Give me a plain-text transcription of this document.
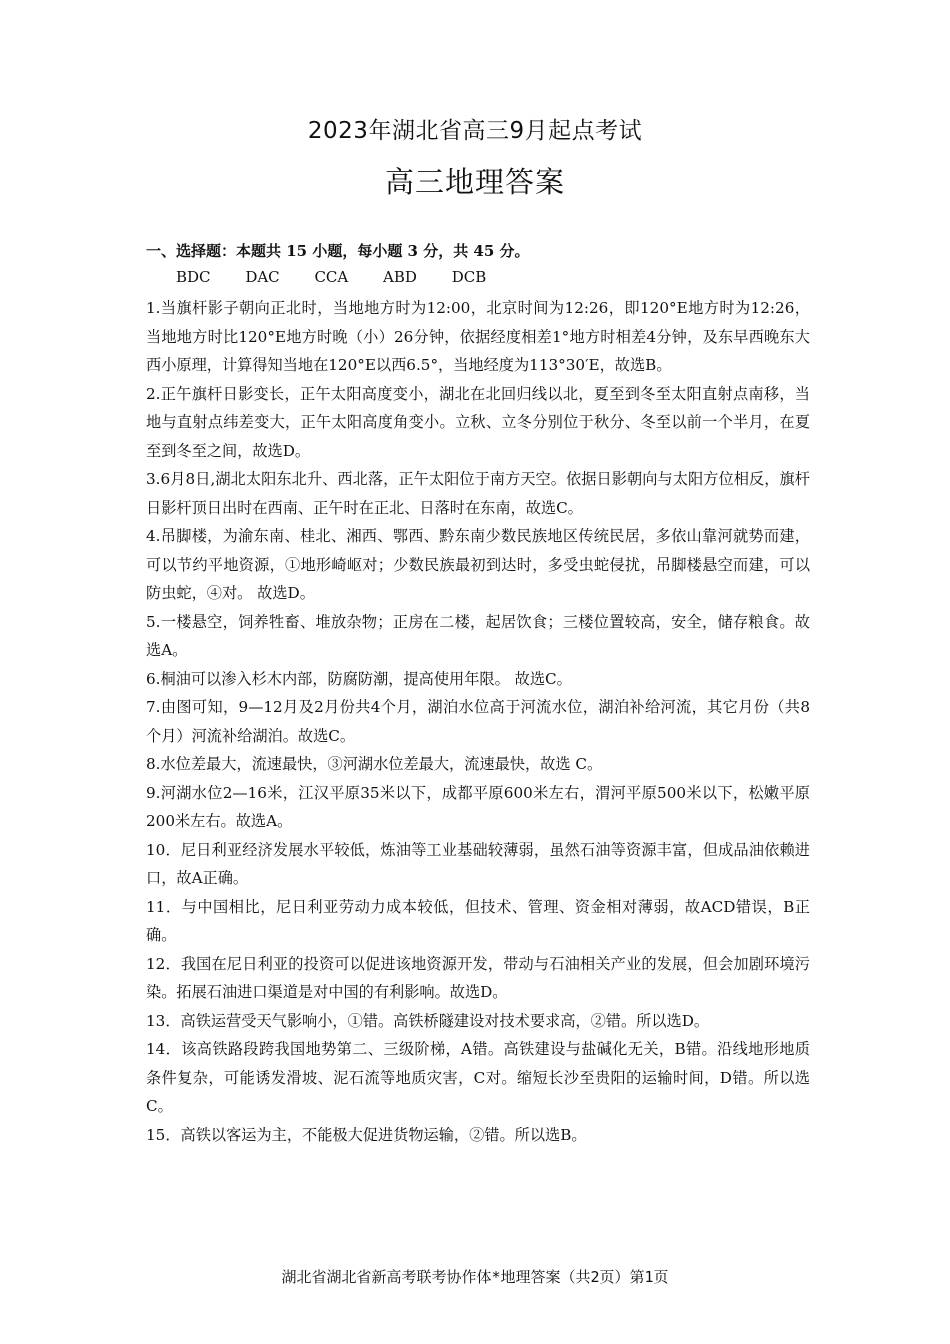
2023年湖北省高三9月起点考试
高三地理答案
一、选择题：本题共 15 小题，每小题 3 分，共 45 分。
BDC DAC CCA ABD DCB

1.当旗杆影子朝向正北时，当地地方时为12:00，北京时间为12:26，即120°E地方时为12:26，当地地方时比120°E地方时晚（小）26分钟，依据经度相差1°地方时相差4分钟，及东早西晚东大西小原理，计算得知当地在120°E以西6.5°，当地经度为113°30′E，故选B。

2.正午旗杆日影变长，正午太阳高度变小，湖北在北回归线以北，夏至到冬至太阳直射点南移，当地与直射点纬差变大，正午太阳高度角变小。立秋、立冬分别位于秋分、冬至以前一个半月，在夏至到冬至之间，故选D。

3.6月8日,湖北太阳东北升、西北落，正午太阳位于南方天空。依据日影朝向与太阳方位相反，旗杆日影杆顶日出时在西南、正午时在正北、日落时在东南，故选C。

4.吊脚楼，为渝东南、桂北、湘西、鄂西、黔东南少数民族地区传统民居，多依山靠河就势而建，可以节约平地资源，①地形崎岖对；少数民族最初到达时，多受虫蛇侵扰，吊脚楼悬空而建，可以防虫蛇，④对。 故选D。

5.一楼悬空，饲养牲畜、堆放杂物；正房在二楼，起居饮食；三楼位置较高，安全，储存粮食。故选A。

6.桐油可以渗入杉木内部，防腐防潮，提高使用年限。 故选C。

7.由图可知，9—12月及2月份共4个月，湖泊水位高于河流水位，湖泊补给河流，其它月份（共8个月）河流补给湖泊。故选C。

8.水位差最大，流速最快，③河湖水位差最大，流速最快，故选 C。

9.河湖水位2—16米，江汉平原35米以下，成都平原600米左右，渭河平原500米以下，松嫩平原200米左右。故选A。

10．尼日利亚经济发展水平较低，炼油等工业基础较薄弱，虽然石油等资源丰富，但成品油依赖进口，故A正确。

11．与中国相比，尼日利亚劳动力成本较低，但技术、管理、资金相对薄弱，故ACD错误，B正确。

12．我国在尼日利亚的投资可以促进该地资源开发，带动与石油相关产业的发展，但会加剧环境污染。拓展石油进口渠道是对中国的有利影响。故选D。

13．高铁运营受天气影响小，①错。高铁桥隧建设对技术要求高，②错。所以选D。

14．该高铁路段跨我国地势第二、三级阶梯，A错。高铁建设与盐碱化无关，B错。沿线地形地质条件复杂，可能诱发滑坡、泥石流等地质灾害，C对。缩短长沙至贵阳的运输时间，D错。所以选C。

15．高铁以客运为主，不能极大促进货物运输，②错。所以选B。

湖北省湖北省新高考联考协作体*地理答案（共2页）第1页
